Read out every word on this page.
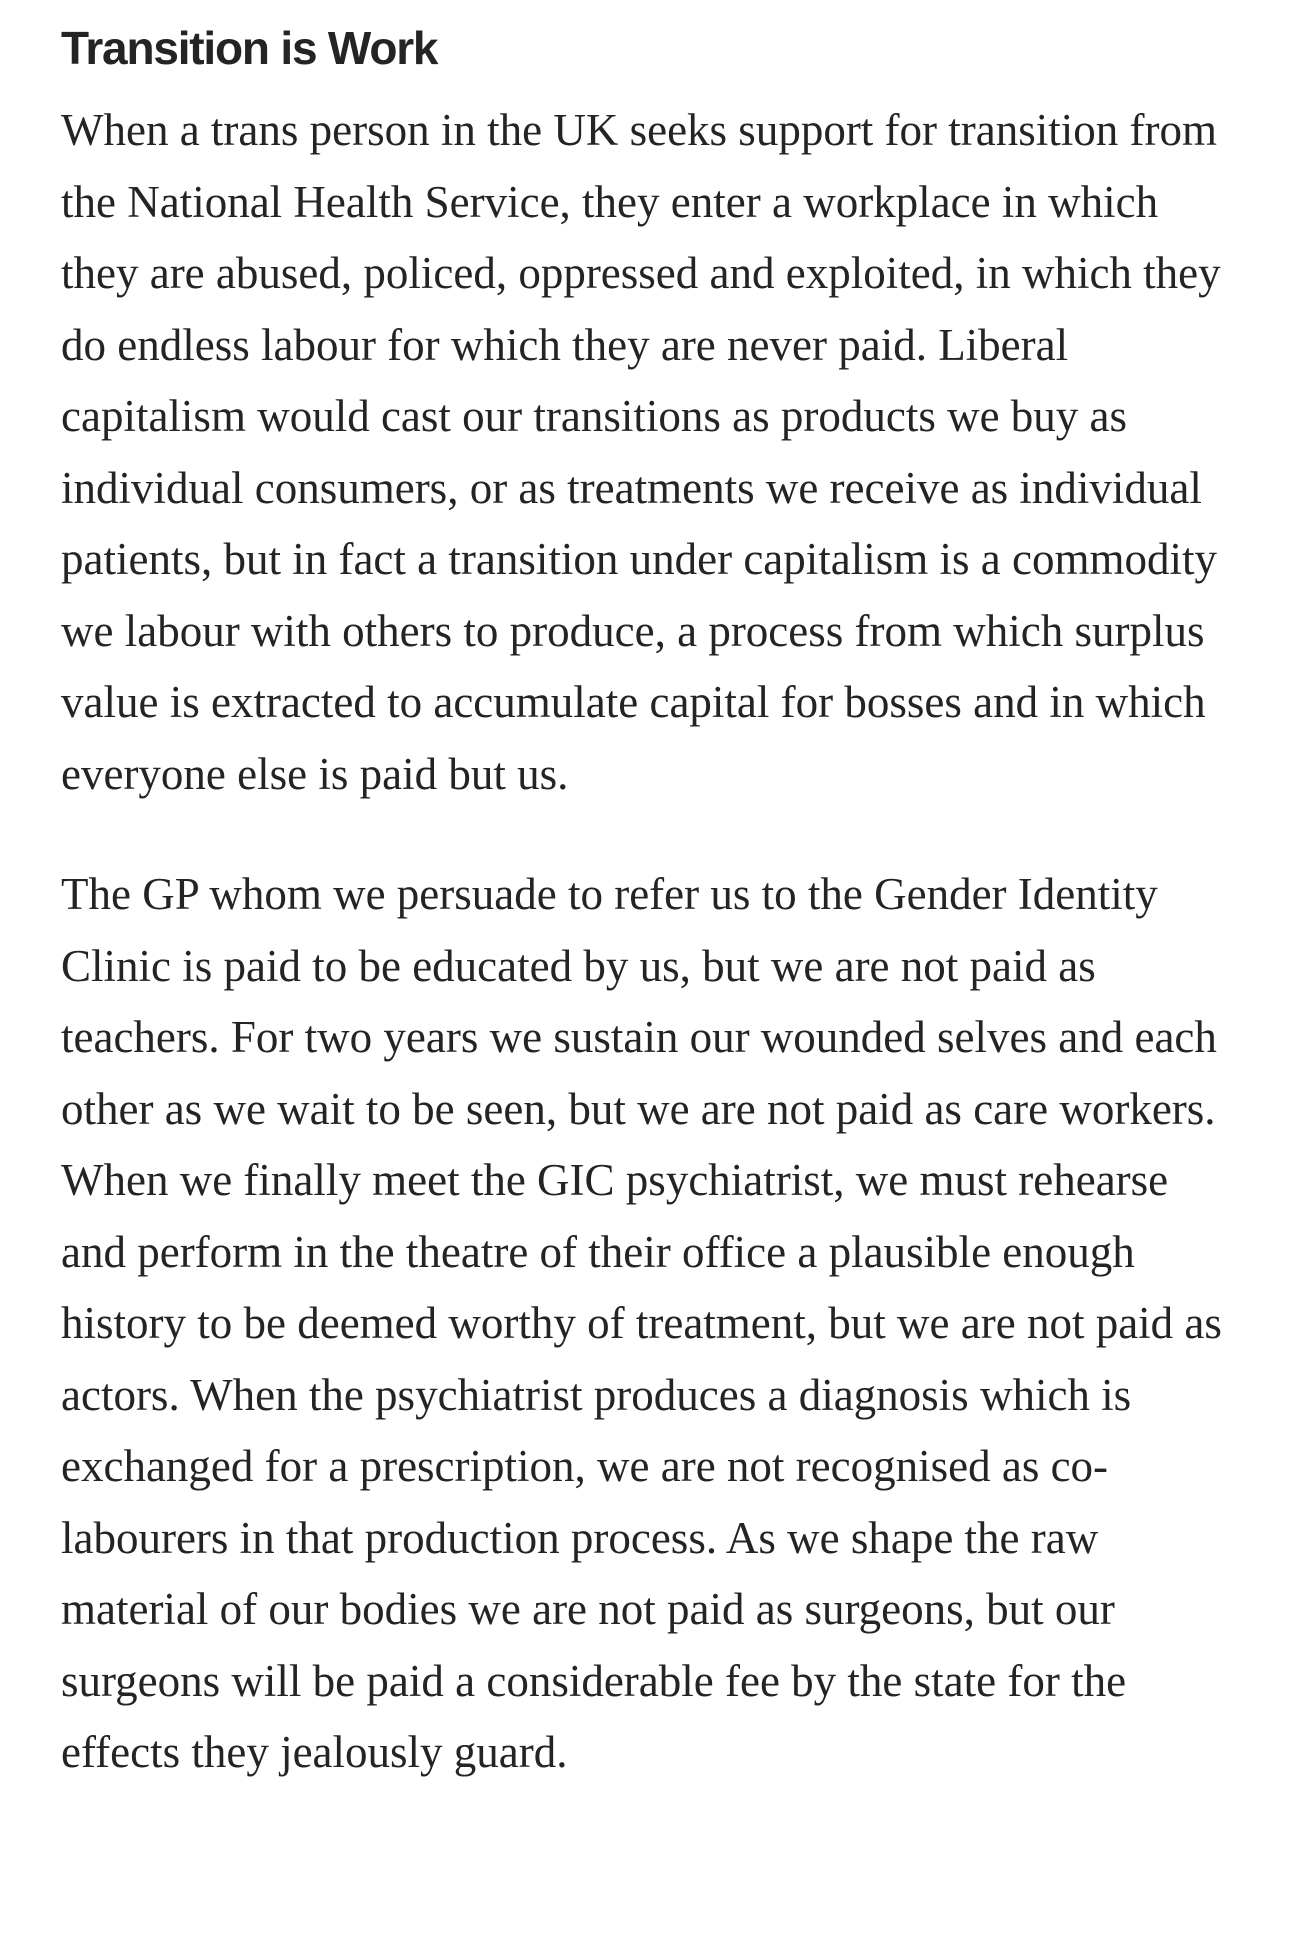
Transition is Work

When a trans person in the UK seeks support for transition from the National Health Service, they enter a workplace in which they are abused, policed, oppressed and exploited, in which they do endless labour for which they are never paid. Liberal capitalism would cast our transitions as products we buy as individual consumers, or as treatments we receive as individual patients, but in fact a transition under capitalism is a commodity we labour with others to produce, a process from which surplus value is extracted to accumulate capital for bosses and in which everyone else is paid but us.

The GP whom we persuade to refer us to the Gender Identity Clinic is paid to be educated by us, but we are not paid as teachers. For two years we sustain our wounded selves and each other as we wait to be seen, but we are not paid as care workers. When we finally meet the GIC psychiatrist, we must rehearse and perform in the theatre of their office a plausible enough history to be deemed worthy of treatment, but we are not paid as actors. When the psychiatrist produces a diagnosis which is exchanged for a prescription, we are not recognised as co-labourers in that production process. As we shape the raw material of our bodies we are not paid as surgeons, but our surgeons will be paid a considerable fee by the state for the effects they jealously guard.
